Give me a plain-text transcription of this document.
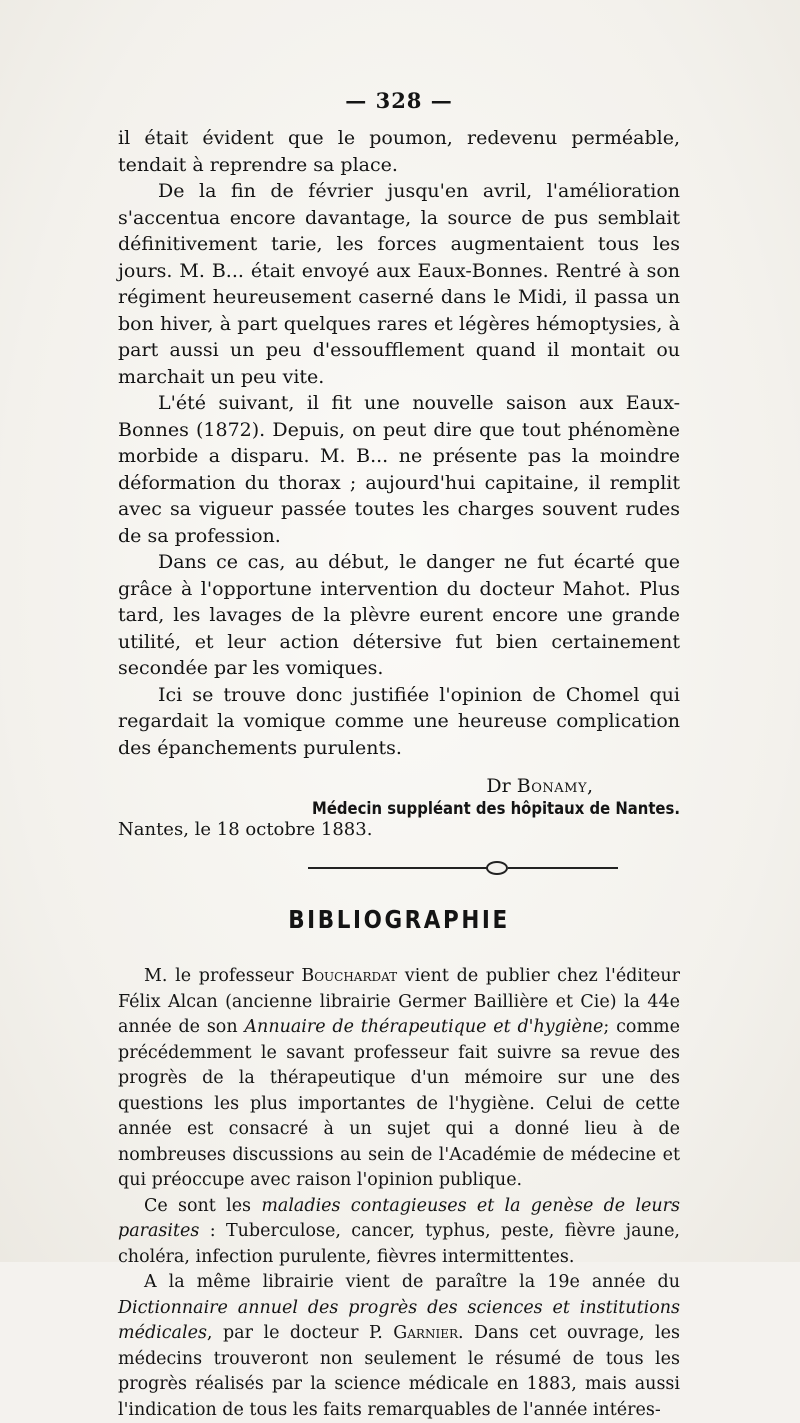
— 328 —

il était évident que le poumon, redevenu perméable, tendait à reprendre sa place.

De la fin de février jusqu'en avril, l'amélioration s'accentua encore davantage, la source de pus semblait définitivement tarie, les forces augmentaient tous les jours. M. B... était envoyé aux Eaux-Bonnes. Rentré à son régiment heureusement caserné dans le Midi, il passa un bon hiver, à part quelques rares et légères hémoptysies, à part aussi un peu d'essoufflement quand il montait ou marchait un peu vite.

L'été suivant, il fit une nouvelle saison aux Eaux-Bonnes (1872). Depuis, on peut dire que tout phénomène morbide a disparu. M. B... ne présente pas la moindre déformation du thorax ; aujourd'hui capitaine, il remplit avec sa vigueur passée toutes les charges souvent rudes de sa profession.

Dans ce cas, au début, le danger ne fut écarté que grâce à l'opportune intervention du docteur Mahot. Plus tard, les lavages de la plèvre eurent encore une grande utilité, et leur action détersive fut bien certainement secondée par les vomiques.

Ici se trouve donc justifiée l'opinion de Chomel qui regardait la vomique comme une heureuse complication des épanchements purulents.

Dr Bonamy,
Médecin suppléant des hôpitaux de Nantes.
Nantes, le 18 octobre 1883.
BIBLIOGRAPHIE

M. le professeur Bouchardat vient de publier chez l'éditeur Félix Alcan (ancienne librairie Germer Baillière et Cie) la 44e année de son Annuaire de thérapeutique et d'hygiène; comme précédemment le savant professeur fait suivre sa revue des progrès de la thérapeutique d'un mémoire sur une des questions les plus importantes de l'hygiène. Celui de cette année est consacré à un sujet qui a donné lieu à de nombreuses discussions au sein de l'Académie de médecine et qui préoccupe avec raison l'opinion publique.

Ce sont les maladies contagieuses et la genèse de leurs parasites : Tuberculose, cancer, typhus, peste, fièvre jaune, choléra, infection purulente, fièvres intermittentes.

A la même librairie vient de paraître la 19e année du Dictionnaire annuel des progrès des sciences et institutions médicales, par le docteur P. Garnier. Dans cet ouvrage, les médecins trouveront non seulement le résumé de tous les progrès réalisés par la science médicale en 1883, mais aussi l'indication de tous les faits remarquables de l'année intéres-
